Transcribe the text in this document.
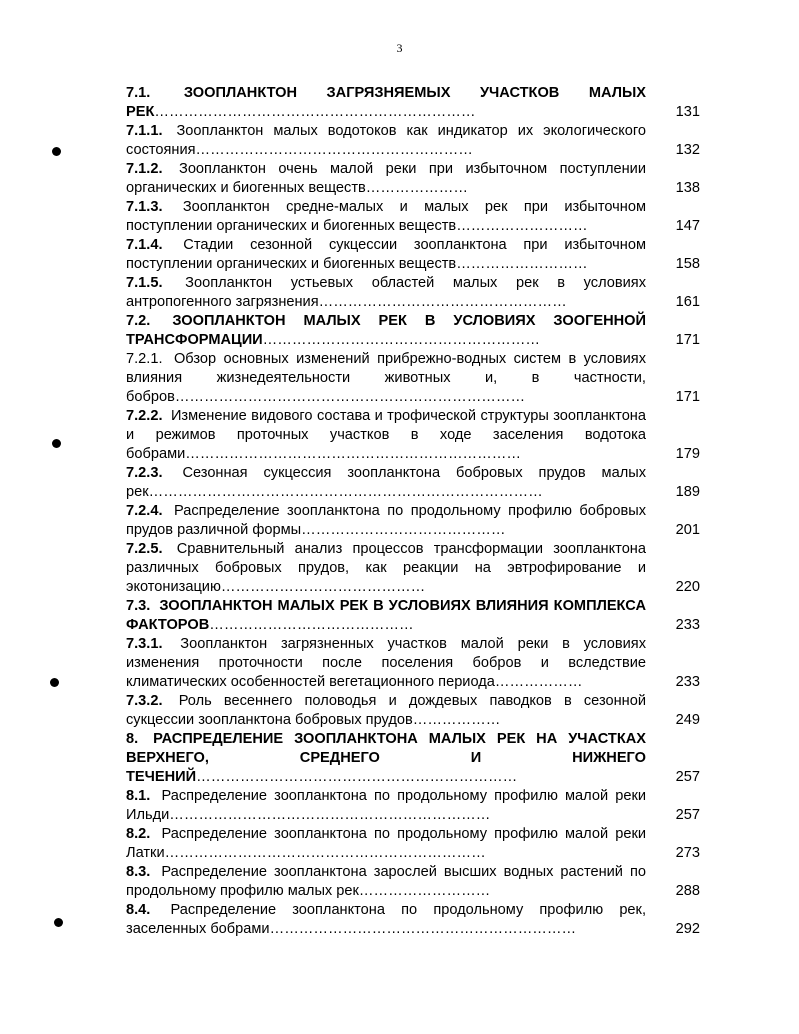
3
7.1. ЗООПЛАНКТОН ЗАГРЯЗНЯЕМЫХ УЧАСТКОВ МАЛЫХ РЕК…………………………………………………………	131
7.1.1. Зоопланктон малых водотоков как индикатор их экологического состояния…………………………………………………	132
7.1.2. Зоопланктон очень малой реки при избыточном поступлении органических и биогенных веществ…………………	138
7.1.3. Зоопланктон средне-малых и малых рек при избыточном поступлении органических и биогенных веществ………………………	147
7.1.4. Стадии сезонной сукцессии зоопланктона при избыточном поступлении органических и биогенных веществ………………………	158
7.1.5. Зоопланктон устьевых областей малых рек в условиях антропогенного загрязнения……………………………………………	161
7.2. ЗООПЛАНКТОН МАЛЫХ РЕК В УСЛОВИЯХ ЗООГЕННОЙ ТРАНСФОРМАЦИИ…………………………………………………	171
7.2.1. Обзор основных изменений прибрежно-водных систем в условиях влияния жизнедеятельности животных и, в частности, бобров………………………………………………………………	171
7.2.2. Изменение видового состава и трофической структуры зоопланктона и режимов проточных участков в ходе заселения водотока бобрами……………………………………………………………	179
7.2.3. Сезонная сукцессия зоопланктона бобровых прудов малых рек………………………………………………………………………	189
7.2.4. Распределение зоопланктона по продольному профилю бобровых прудов различной формы……………………………………	201
7.2.5. Сравнительный анализ процессов трансформации зоопланктона различных бобровых прудов, как реакции на эвтрофирование и экотонизацию……………………………………	220
7.3. ЗООПЛАНКТОН МАЛЫХ РЕК В УСЛОВИЯХ ВЛИЯНИЯ КОМПЛЕКСА ФАКТОРОВ……………………………………	233
7.3.1. Зоопланктон загрязненных участков малой реки в условиях изменения проточности после поселения бобров и вследствие климатических особенностей вегетационного периода………………	233
7.3.2. Роль весеннего половодья и дождевых паводков в сезонной сукцессии зоопланктона бобровых прудов………………	249
8. РАСПРЕДЕЛЕНИЕ ЗООПЛАНКТОНА МАЛЫХ РЕК НА УЧАСТКАХ ВЕРХНЕГО, СРЕДНЕГО И НИЖНЕГО ТЕЧЕНИЙ…………………………………………………………	257
8.1. Распределение зоопланктона по продольному профилю малой реки Ильди…………………………………………………………	257
8.2. Распределение зоопланктона по продольному профилю малой реки Латки…………………………………………………………	273
8.3. Распределение зоопланктона зарослей высших водных растений по продольному профилю малых рек………………………	288
8.4. Распределение зоопланктона по продольному профилю рек, заселенных бобрами………………………………………………………	292
